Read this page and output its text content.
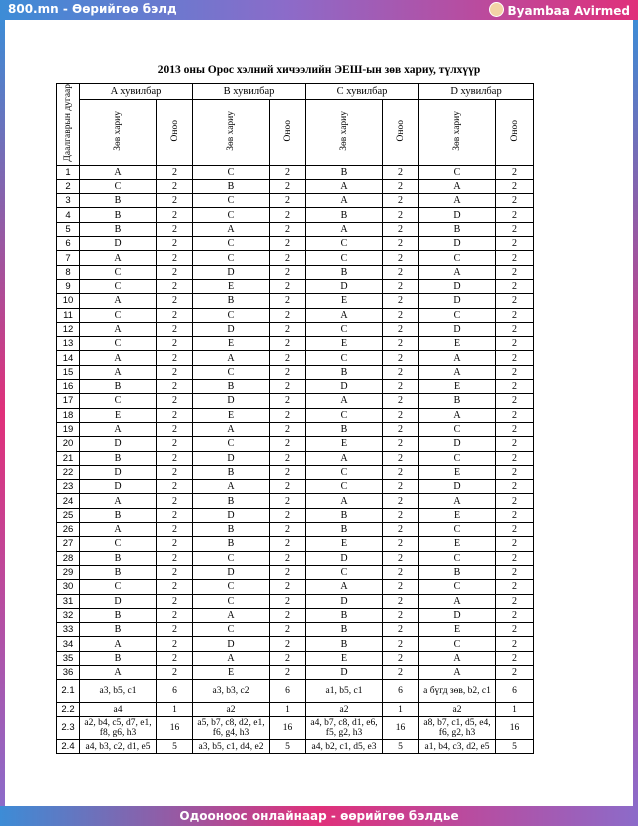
800.mn - Өөрийгөө бэлд	Byambaa Avirmed
2013 оны Орос хэлний хичээлийн ЭЕШ-ын зөв хариу, түлхүүр
Даалгаврын дугаар	A хувилбар		B хувилбар		C хувилбар		D хувилбар	
	Зөв хариу	Оноо	Зөв хариу	Оноо	Зөв хариу	Оноо	Зөв хариу	Оноо
1	A	2	C	2	B	2	C	2
2	C	2	B	2	A	2	A	2
3	B	2	C	2	A	2	A	2
4	B	2	C	2	B	2	D	2
5	B	2	A	2	A	2	B	2
6	D	2	C	2	C	2	D	2
7	A	2	C	2	C	2	C	2
8	C	2	D	2	B	2	A	2
9	C	2	E	2	D	2	D	2
10	A	2	B	2	E	2	D	2
11	C	2	C	2	A	2	C	2
12	A	2	D	2	C	2	D	2
13	C	2	E	2	E	2	E	2
14	A	2	A	2	C	2	A	2
15	A	2	C	2	B	2	A	2
16	B	2	B	2	D	2	E	2
17	C	2	D	2	A	2	B	2
18	E	2	E	2	C	2	A	2
19	A	2	A	2	B	2	C	2
20	D	2	C	2	E	2	D	2
21	B	2	D	2	A	2	C	2
22	D	2	B	2	C	2	E	2
23	D	2	A	2	C	2	D	2
24	A	2	B	2	A	2	A	2
25	B	2	D	2	B	2	E	2
26	A	2	B	2	B	2	C	2
27	C	2	B	2	E	2	E	2
28	B	2	C	2	D	2	C	2
29	B	2	D	2	C	2	B	2
30	C	2	C	2	A	2	C	2
31	D	2	C	2	D	2	A	2
32	B	2	A	2	B	2	D	2
33	B	2	C	2	B	2	E	2
34	A	2	D	2	B	2	C	2
35	B	2	A	2	E	2	A	2
36	A	2	E	2	D	2	A	2
2.1	a3, b5, c1	6	a3, b3, c2	6	a1, b5, c1	6	a бүгд зөв, b2, c1	6
2.2	a4	1	a2	1	a2	1	a2	1
2.3	a2, b4, c5, d7, e1, f8, g6, h3	16	a5, b7, c8, d2, e1, f6, g4, h3	16	a4, b7, c8, d1, e6, f5, g2, h3	16	a8, b7, c1, d5, e4, f6, g2, h3	16
2.4	a4, b3, c2, d1, e5	5	a3, b5, c1, d4, e2	5	a4, b2, c1, d5, e3	5	a1, b4, c3, d2, e5	5
Одооноос онлайнаар - өөрийгөө бэлдье
